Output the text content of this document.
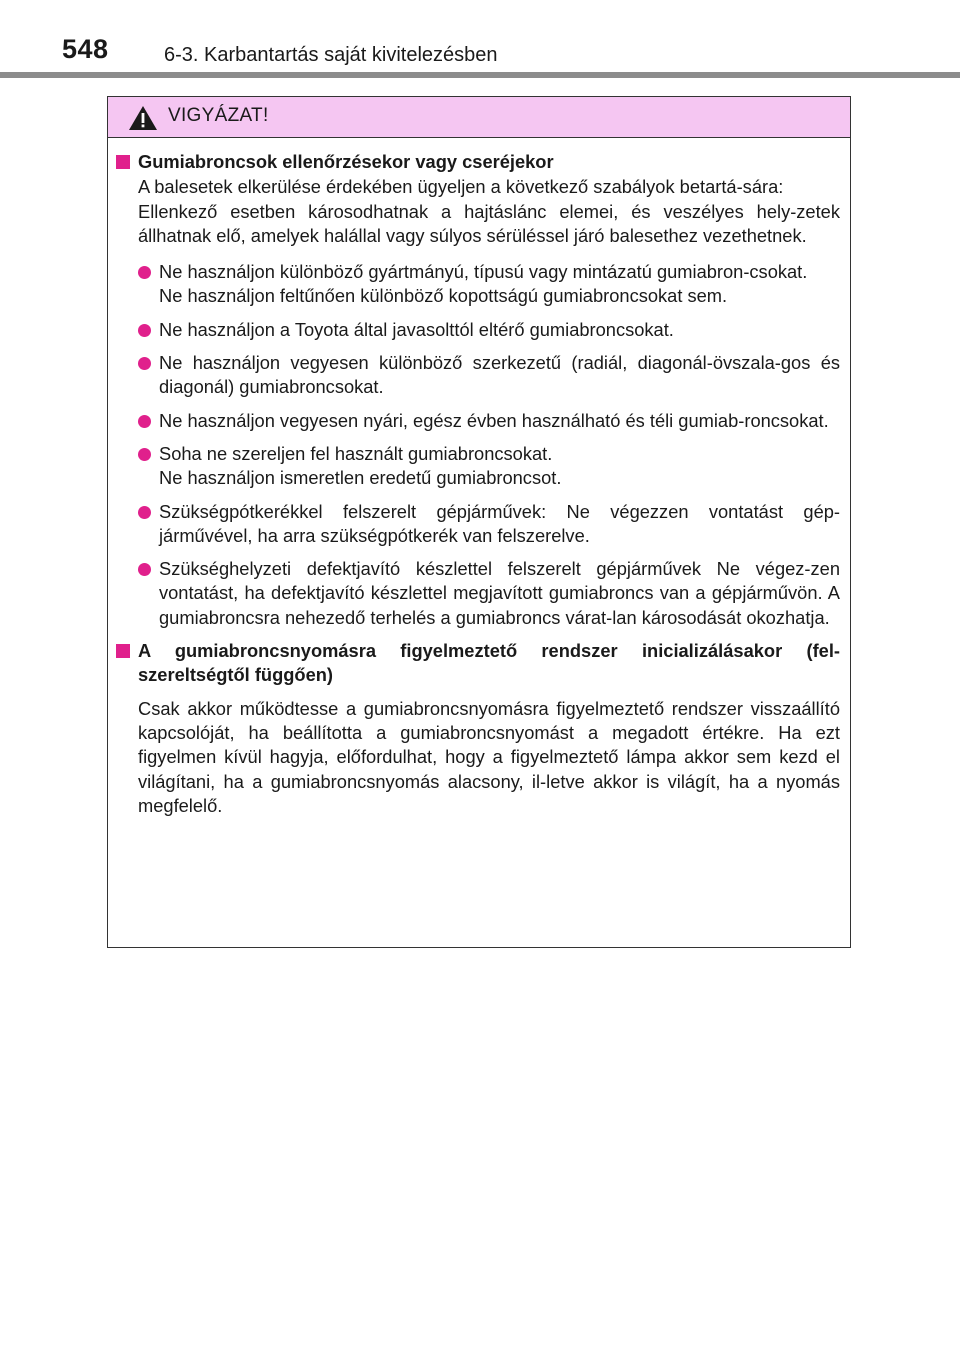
548	6-3. Karbantartás saját kivitelezésben
VIGYÁZAT!
Gumiabroncsok ellenőrzésekor vagy cseréjekor
A balesetek elkerülése érdekében ügyeljen a következő szabályok betartá-sára:
Ellenkező esetben károsodhatnak a hajtáslánc elemei, és veszélyes hely-zetek állhatnak elő, amelyek halállal vagy súlyos sérüléssel járó balesethez vezethetnek.
Ne használjon különböző gyártmányú, típusú vagy mintázatú gumiabron-csokat.
Ne használjon feltűnően különböző kopottságú gumiabroncsokat sem.
Ne használjon a Toyota által javasolttól eltérő gumiabroncsokat.
Ne használjon vegyesen különböző szerkezetű (radiál, diagonál-övszala-gos és diagonál) gumiabroncsokat.
Ne használjon vegyesen nyári, egész évben használható és téli gumiab-roncsokat.
Soha ne szereljen fel használt gumiabroncsokat.
Ne használjon ismeretlen eredetű gumiabroncsot.
Szükségpótkerékkel felszerelt gépjárművek: Ne végezzen vontatást gép-járművével, ha arra szükségpótkerék van felszerelve.
Szükséghelyzeti defektjavító készlettel felszerelt gépjárművek Ne végez-zen vontatást, ha defektjavító készlettel megjavított gumiabroncs van a gépjárművön. A gumiabroncsra nehezedő terhelés a gumiabroncs várat-lan károsodását okozhatja.
A gumiabroncsnyomásra figyelmeztető rendszer inicializálásakor (fel-szereltségtől függően)
Csak akkor működtesse a gumiabroncsnyomásra figyelmeztető rendszer visszaállító kapcsolóját, ha beállította a gumiabroncsnyomást a megadott értékre. Ha ezt figyelmen kívül hagyja, előfordulhat, hogy a figyelmeztető lámpa akkor sem kezd el világítani, ha a gumiabroncsnyomás alacsony, il-letve akkor is világít, ha a nyomás megfelelő.
